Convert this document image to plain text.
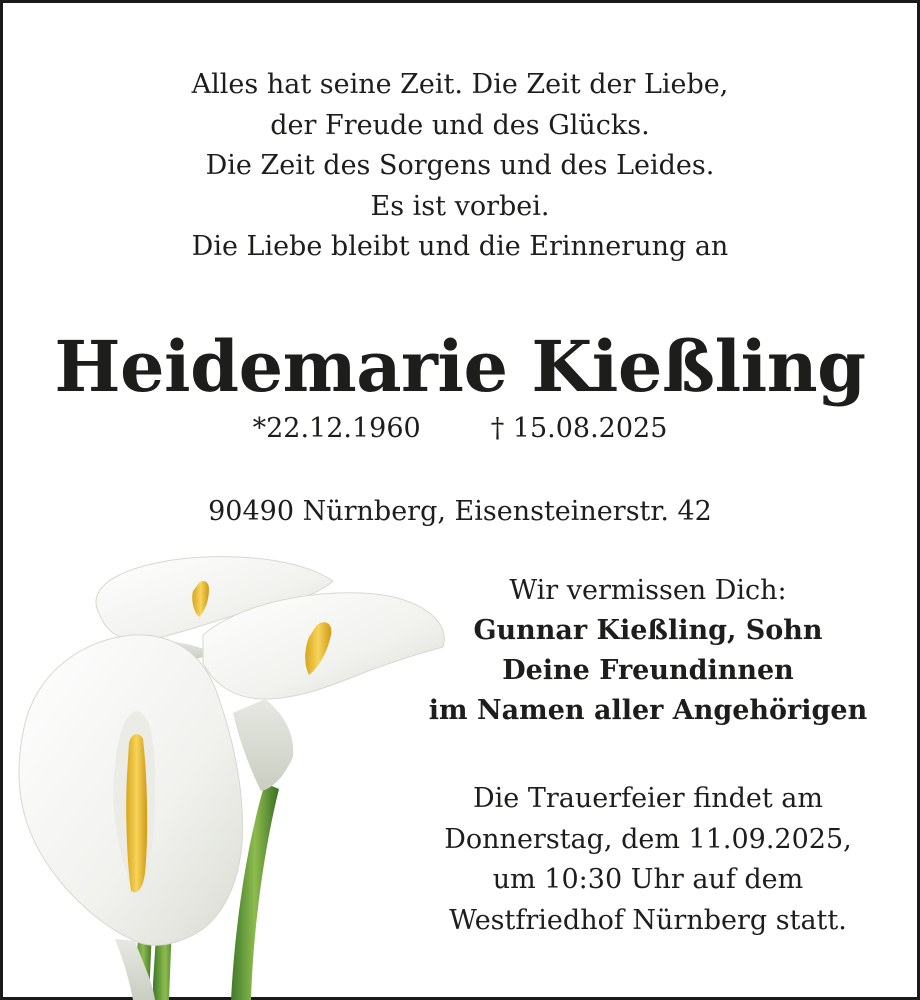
Alles hat seine Zeit. Die Zeit der Liebe,
der Freude und des Glücks.
Die Zeit des Sorgens und des Leides.
Es ist vorbei.
Die Liebe bleibt und die Erinnerung an
Heidemarie Kießling
*22.12.1960	† 15.08.2025
90490 Nürnberg, Eisensteinerstr. 42
Wir vermissen Dich:
Gunnar Kießling, Sohn
Deine Freundinnen
im Namen aller Angehörigen
Die Trauerfeier findet am
Donnerstag, dem 11.09.2025,
um 10:30 Uhr auf dem
Westfriedhof Nürnberg statt.
